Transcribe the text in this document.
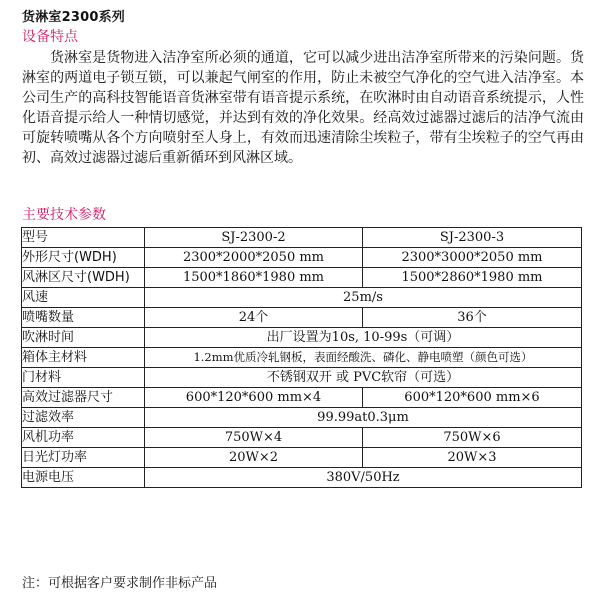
货淋室2300系列
设备特点
货淋室是货物进入洁净室所必须的通道，它可以减少进出洁净室所带来的污染问题。货淋室的两道电子锁互锁，可以兼起气闸室的作用，防止未被空气净化的空气进入洁净室。本公司生产的高科技智能语音货淋室带有语音提示系统，在吹淋时由自动语音系统提示，人性化语音提示给人一种情切感觉，并达到有效的净化效果。经高效过滤器过滤后的洁净气流由可旋转喷嘴从各个方向喷射至人身上，有效而迅速清除尘埃粒子，带有尘埃粒子的空气再由初、高效过滤器过滤后重新循环到风淋区域。
主要技术参数
型号	SJ-2300-2	SJ-2300-3
外形尺寸(WDH)	2300*2000*2050 mm	2300*3000*2050 mm
风淋区尺寸(WDH)	1500*1860*1980 mm	1500*2860*1980 mm
风速	25m/s	
喷嘴数量	24个	36个
吹淋时间	出厂设置为10s, 10-99s（可调）	
箱体主材料	1.2mm优质冷轧钢板，表面经酸洗、磷化、静电喷塑（颜色可选）	
门材料	不锈钢双开 或 PVC软帘（可选）	
高效过滤器尺寸	600*120*600 mm×4	600*120*600 mm×6
过滤效率	99.99at0.3μm	
风机功率	750W×4	750W×6
日光灯功率	20W×2	20W×3
电源电压	380V/50Hz	
注：可根据客户要求制作非标产品
